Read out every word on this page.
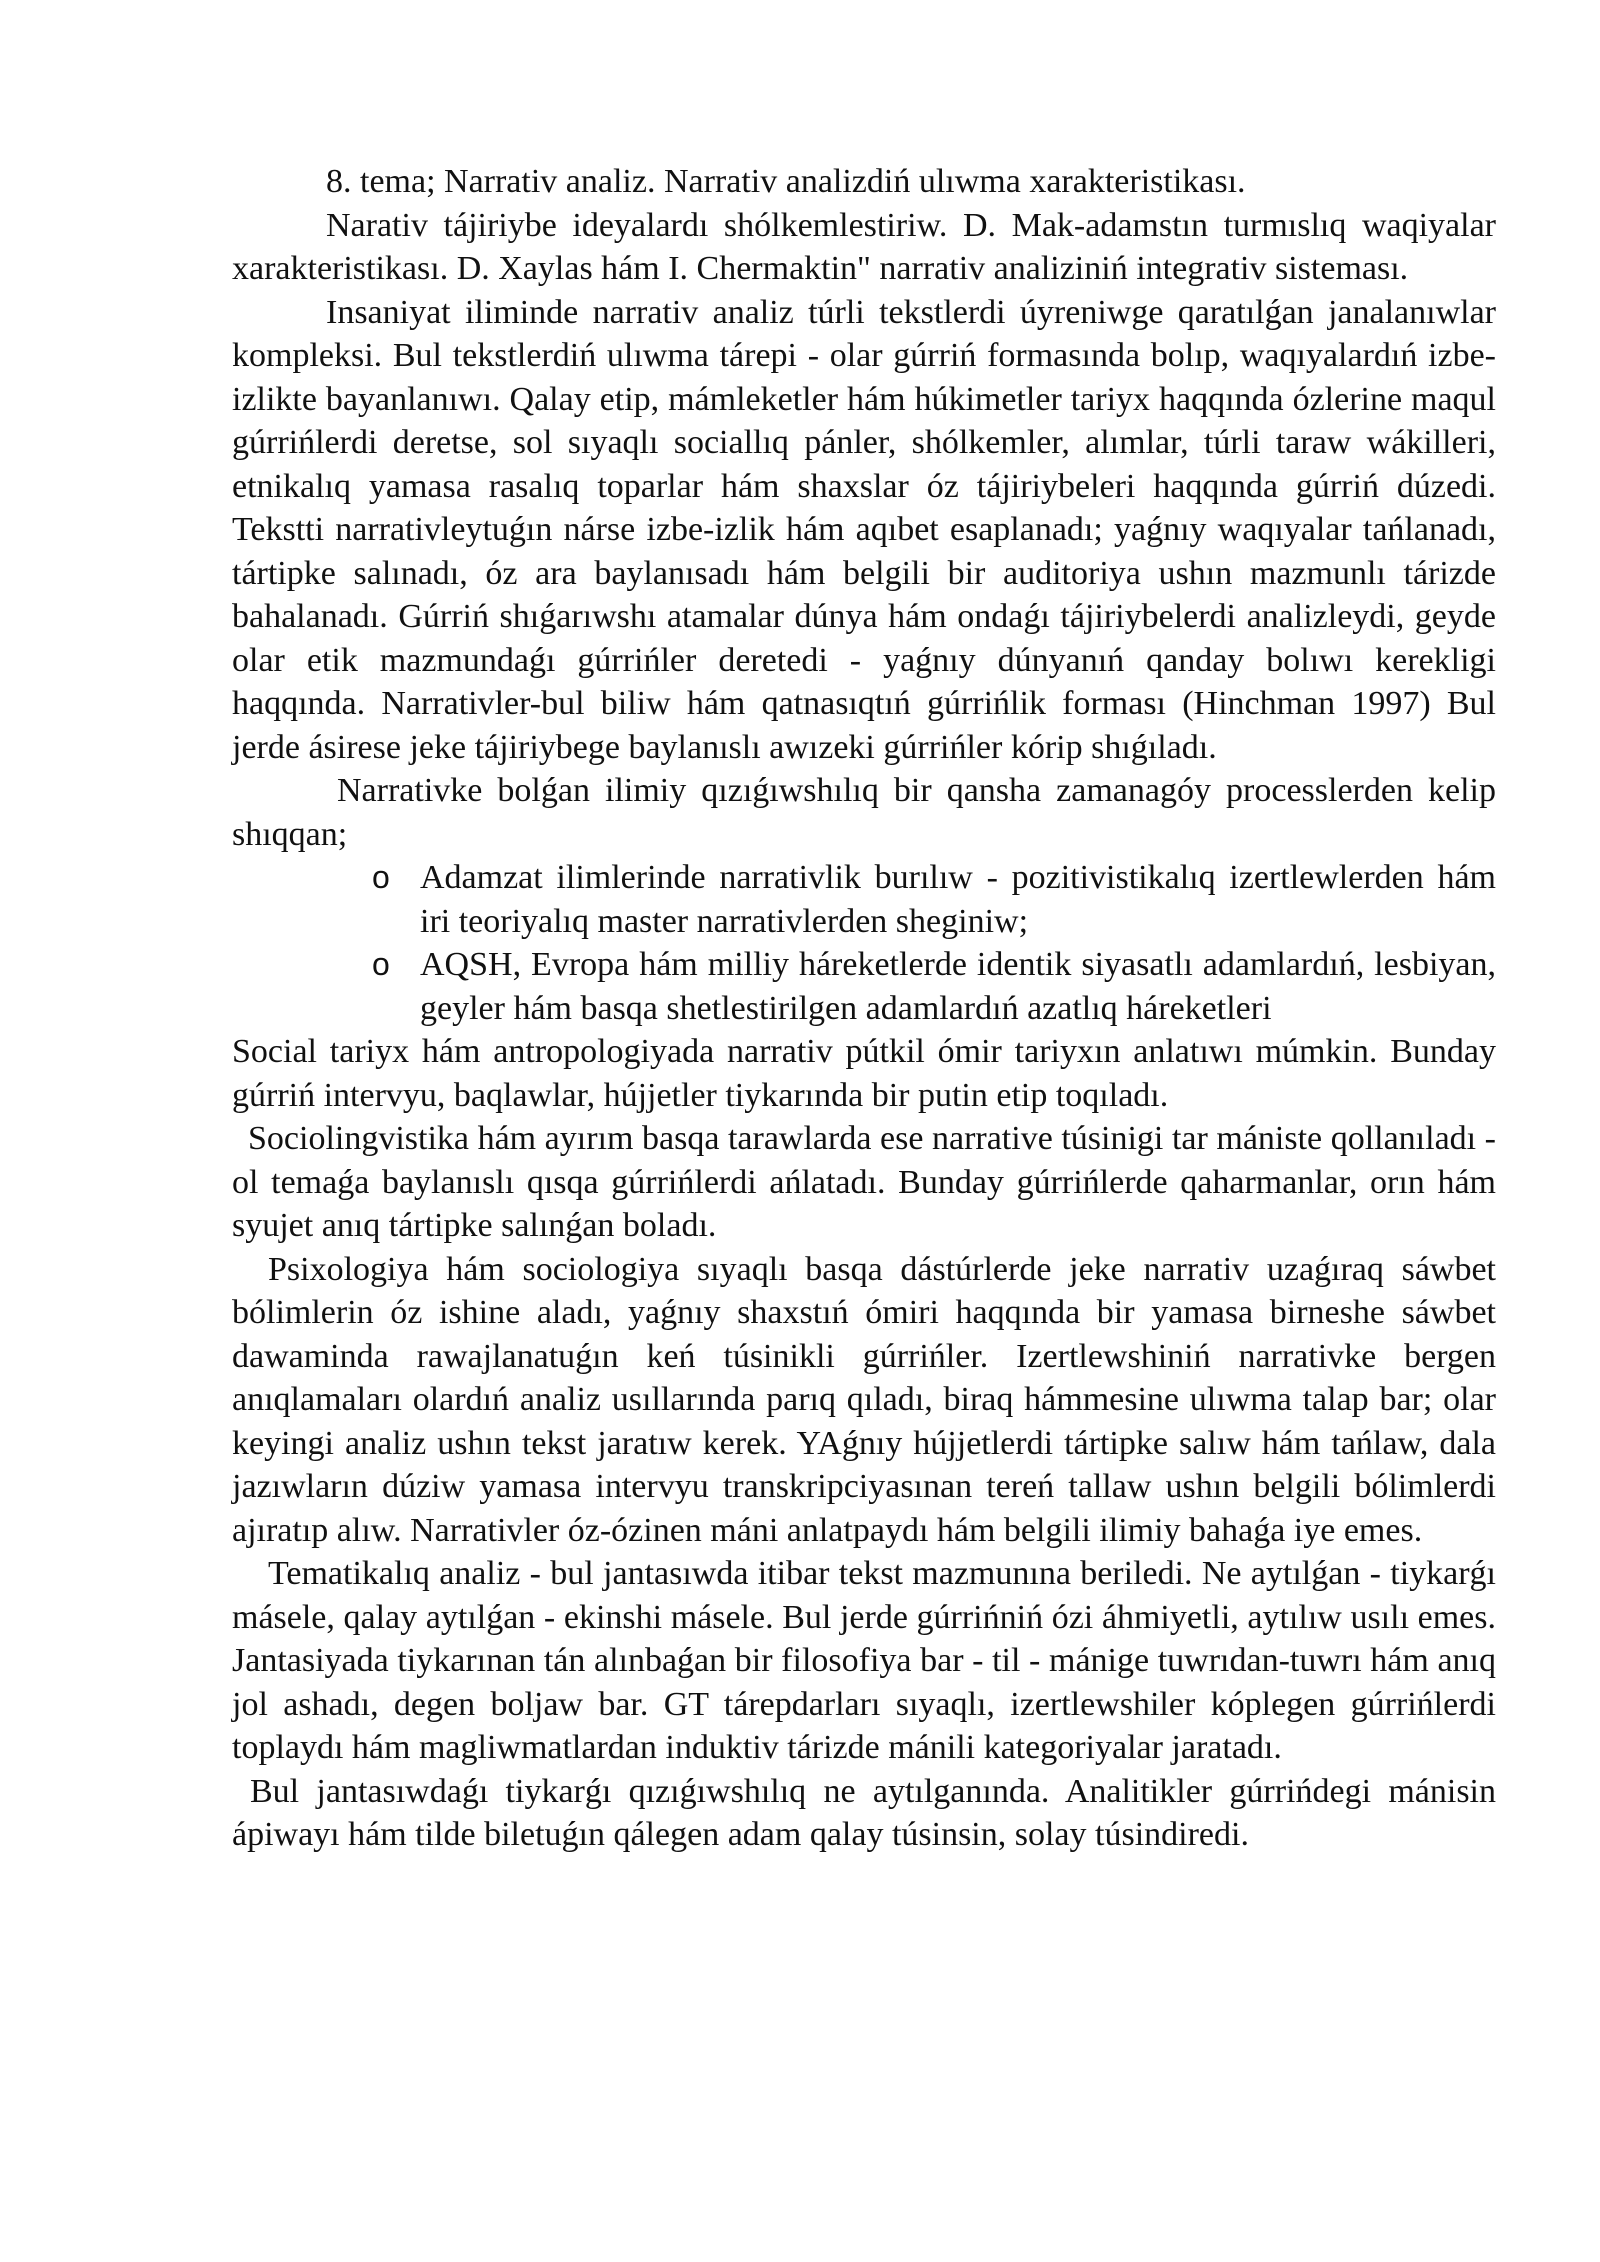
8. tema; Narrativ analiz. Narrativ analizdiń ulıwma xarakteristikası.

Narativ tájiriybe ideyalardı shólkemlestiriw. D. Mak-adamstın turmıslıq waqiyalar xarakteristikası. D. Xaylas hám I. Chermaktin" narrativ analiziniń integrativ sisteması.

Insaniyat iliminde narrativ analiz túrli tekstlerdi úyreniwge qaratılǵan janalanıwlar kompleksi. Bul tekstlerdiń ulıwma tárepi - olar gúrriń formasında bolıp, waqıyalardıń izbe-izlikte bayanlanıwı. Qalay etip, mámleketler hám húkimetler tariyx haqqında ózlerine maqul gúrrińlerdi deretse, sol sıyaqlı sociallıq pánler, shólkemler, alımlar, túrli taraw wákilleri, etnikalıq yamasa rasalıq toparlar hám shaxslar óz tájiriybeleri haqqında gúrriń dúzedi. Tekstti narrativleytuǵın nárse izbe-izlik hám aqıbet esaplanadı; yaǵnıy waqıyalar tańlanadı, tártipke salınadı, óz ara baylanısadı hám belgili bir auditoriya ushın mazmunlı tárizde bahalanadı. Gúrriń shıǵarıwshı atamalar dúnya hám ondaǵı tájiriybelerdi analizleydi, geyde olar etik mazmundaǵı gúrrińler deretedi - yaǵnıy dúnyanıń qanday bolıwı kerekligi haqqında. Narrativler-bul biliw hám qatnasıqtıń gúrrińlik forması (Hinchman 1997) Bul jerde ásirese jeke tájiriybege baylanıslı awızeki gúrrińler kórip shıǵıladı.

Narrativke bolǵan ilimiy qızıǵıwshılıq bir qansha zamanagóy processlerden kelip shıqqan;

o Adamzat ilimlerinde narrativlik burılıw - pozitivistikalıq izertlewlerden hám iri teoriyalıq master narrativlerden sheginiw;
o AQSH, Evropa hám milliy háreketlerde identik siyasatlı adamlardıń, lesbiyan, geyler hám basqa shetlestirilgen adamlardıń azatlıq háreketleri

Social tariyx hám antropologiyada narrativ pútkil ómir tariyxın anlatıwı múmkin. Bunday gúrriń intervyu, baqlawlar, hújjetler tiykarında bir putin etip toqıladı.

Sociolingvistika hám ayırım basqa tarawlarda ese narrative túsinigi tar mániste qollanıladı - ol temaǵa baylanıslı qısqa gúrrińlerdi ańlatadı. Bunday gúrrińlerde qaharmanlar, orın hám syujet anıq tártipke salınǵan boladı.

Psixologiya hám sociologiya sıyaqlı basqa dástúrlerde jeke narrativ uzaǵıraq sáwbet bólimlerin óz ishine aladı, yaǵnıy shaxstıń ómiri haqqında bir yamasa birneshe sáwbet dawaminda rawajlanatuǵın keń túsinikli gúrrińler. Izertlewshiniń narrativke bergen anıqlamaları olardıń analiz usıllarında parıq qıladı, biraq hámmesine ulıwma talap bar; olar keyingi analiz ushın tekst jaratıw kerek. YAǵnıy hújjetlerdi tártipke salıw hám tańlaw, dala jazıwların dúziw yamasa intervyu transkripciyasınan tereń tallaw ushın belgili bólimlerdi ajıratıp alıw. Narrativler óz-ózinen máni anlatpaydı hám belgili ilimiy bahaǵa iye emes.

Tematikalıq analiz - bul jantasıwda itibar tekst mazmunına beriledi. Ne aytılǵan - tiykarǵı másele, qalay aytılǵan - ekinshi másele. Bul jerde gúrrińniń ózi áhmiyetli, aytılıw usılı emes. Jantasiyada tiykarınan tán alınbaǵan bir filosofiya bar - til - mánige tuwrıdan-tuwrı hám anıq jol ashadı, degen boljaw bar. GT tárepdarları sıyaqlı, izertlewshiler kóplegen gúrrińlerdi toplaydı hám magliwmatlardan induktiv tárizde mánili kategoriyalar jaratadı.

Bul jantasıwdaǵı tiykarǵı qızıǵıwshılıq ne aytılganında. Analitikler gúrrińdegi mánisin ápiwayı hám tilde biletuǵın qálegen adam qalay túsinsin, solay túsindiredi.
